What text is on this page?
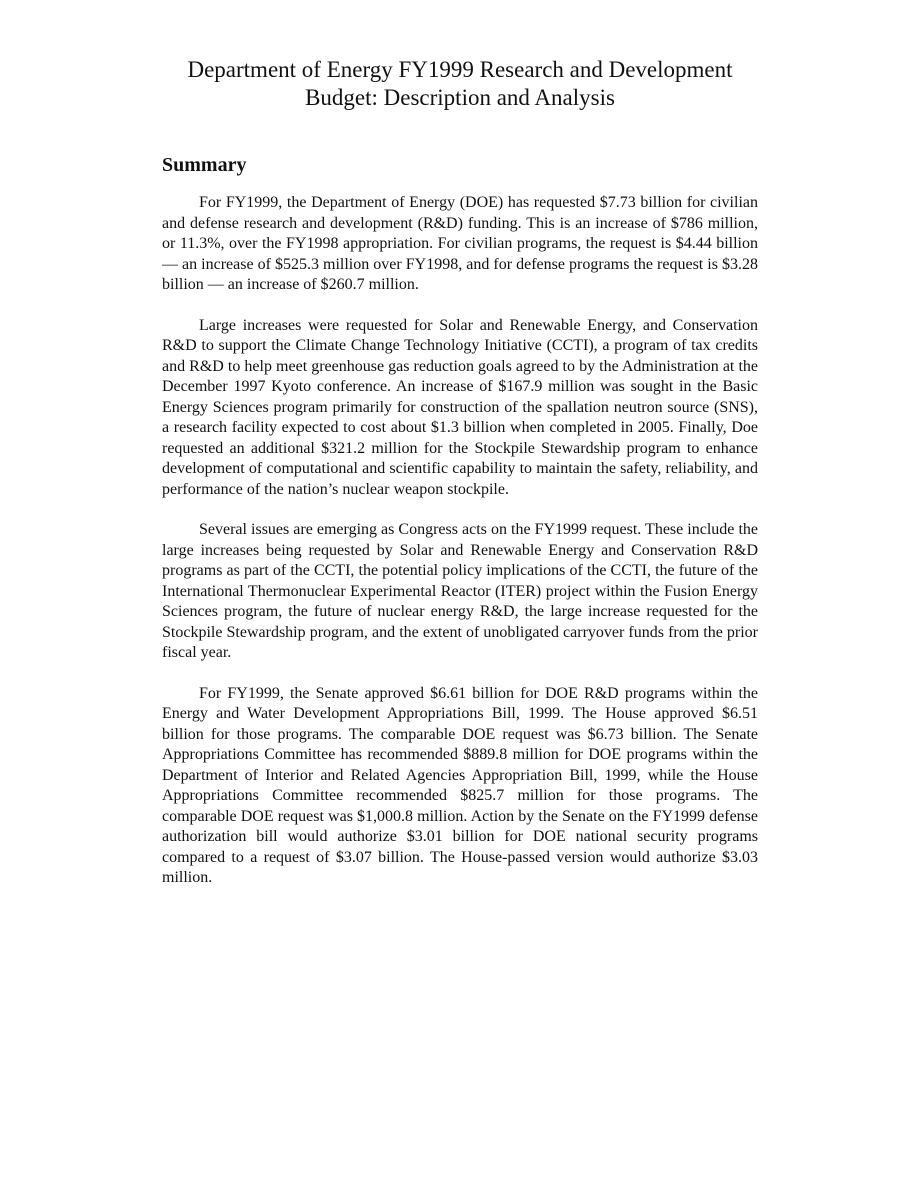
Department of Energy FY1999 Research and Development
Budget: Description and Analysis
Summary

For FY1999, the Department of Energy (DOE) has requested $7.73 billion for civilian and defense research and development (R&D) funding. This is an increase of $786 million, or 11.3%, over the FY1998 appropriation. For civilian programs, the request is $4.44 billion — an increase of $525.3 million over FY1998, and for defense programs the request is $3.28 billion — an increase of $260.7 million.

Large increases were requested for Solar and Renewable Energy, and Conservation R&D to support the Climate Change Technology Initiative (CCTI), a program of tax credits and R&D to help meet greenhouse gas reduction goals agreed to by the Administration at the December 1997 Kyoto conference. An increase of $167.9 million was sought in the Basic Energy Sciences program primarily for construction of the spallation neutron source (SNS), a research facility expected to cost about $1.3 billion when completed in 2005. Finally, Doe requested an additional $321.2 million for the Stockpile Stewardship program to enhance development of computational and scientific capability to maintain the safety, reliability, and performance of the nation’s nuclear weapon stockpile.

Several issues are emerging as Congress acts on the FY1999 request. These include the large increases being requested by Solar and Renewable Energy and Conservation R&D programs as part of the CCTI, the potential policy implications of the CCTI, the future of the International Thermonuclear Experimental Reactor (ITER) project within the Fusion Energy Sciences program, the future of nuclear energy R&D, the large increase requested for the Stockpile Stewardship program, and the extent of unobligated carryover funds from the prior fiscal year.

For FY1999, the Senate approved $6.61 billion for DOE R&D programs within the Energy and Water Development Appropriations Bill, 1999. The House approved $6.51 billion for those programs. The comparable DOE request was $6.73 billion. The Senate Appropriations Committee has recommended $889.8 million for DOE programs within the Department of Interior and Related Agencies Appropriation Bill, 1999, while the House Appropriations Committee recommended $825.7 million for those programs. The comparable DOE request was $1,000.8 million. Action by the Senate on the FY1999 defense authorization bill would authorize $3.01 billion for DOE national security programs compared to a request of $3.07 billion. The House-passed version would authorize $3.03 million.
